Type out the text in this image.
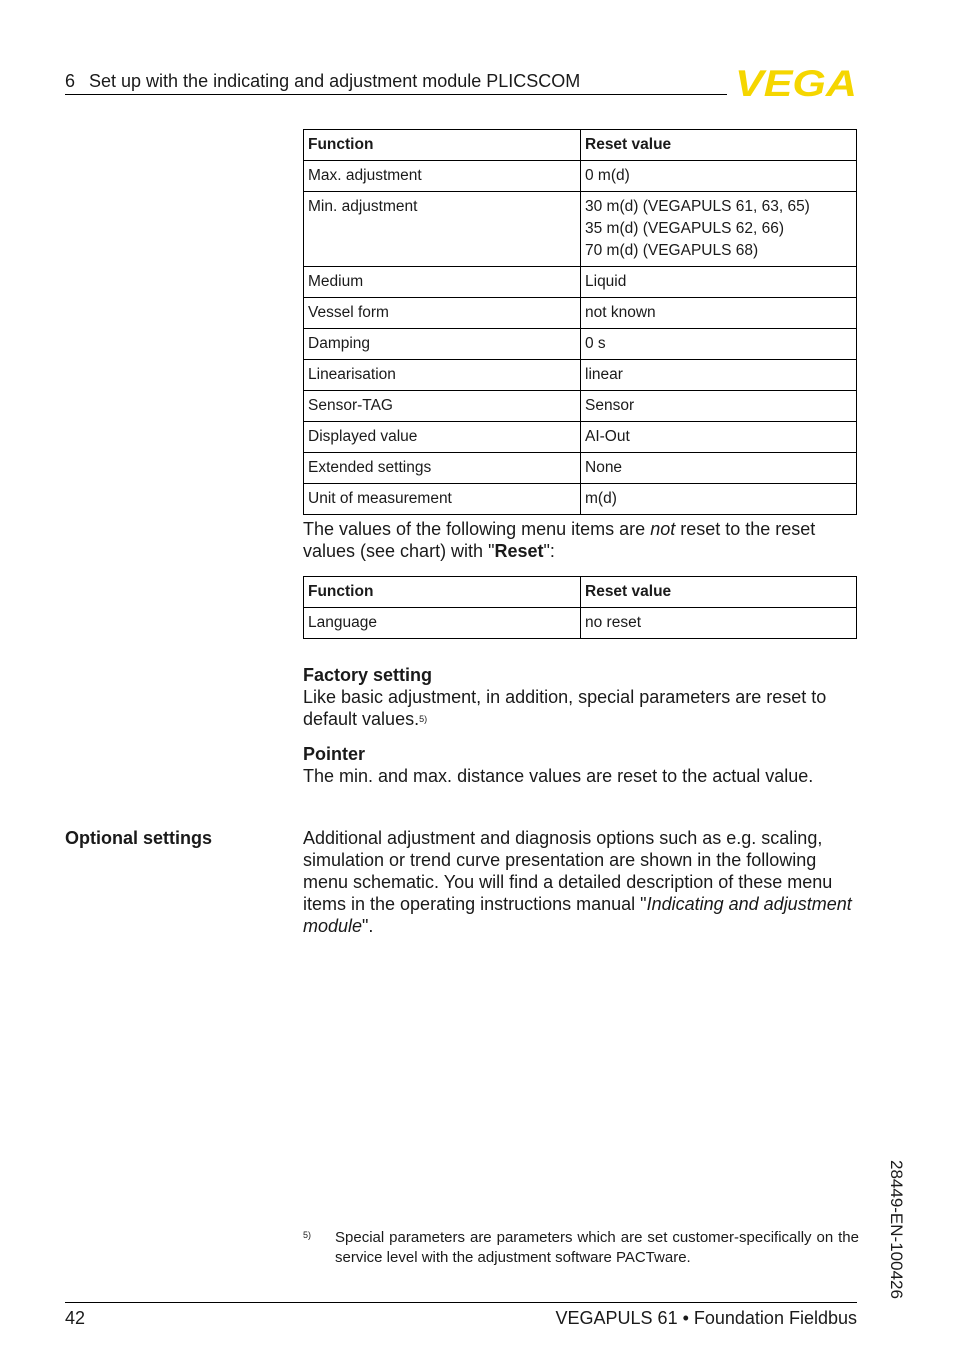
6 Set up with the indicating and adjustment module PLICSCOM	VEGA
Function	Reset value
Max. adjustment	0 m(d)
Min. adjustment	30 m(d) (VEGAPULS 61, 63, 65)
35 m(d) (VEGAPULS 62, 66)
70 m(d) (VEGAPULS 68)
Medium	Liquid
Vessel form	not known
Damping	0 s
Linearisation	linear
Sensor-TAG	Sensor
Displayed value	AI-Out
Extended settings	None
Unit of measurement	m(d)
The values of the following menu items are not reset to the reset values (see chart) with "Reset":
Function	Reset value
Language	no reset
Factory setting
Like basic adjustment, in addition, special parameters are reset to default values.$^{5)}$
Pointer
The min. and max. distance values are reset to the actual value.
Optional settings	Additional adjustment and diagnosis options such as e.g. scaling, simulation or trend curve presentation are shown in the following menu schematic. You will find a detailed description of these menu items in the operating instructions manual "Indicating and adjustment module".
5) Special parameters are parameters which are set customer-specifically on the service level with the adjustment software PACTware.	28449-EN-100426
42	VEGAPULS 61 • Foundation Fieldbus
